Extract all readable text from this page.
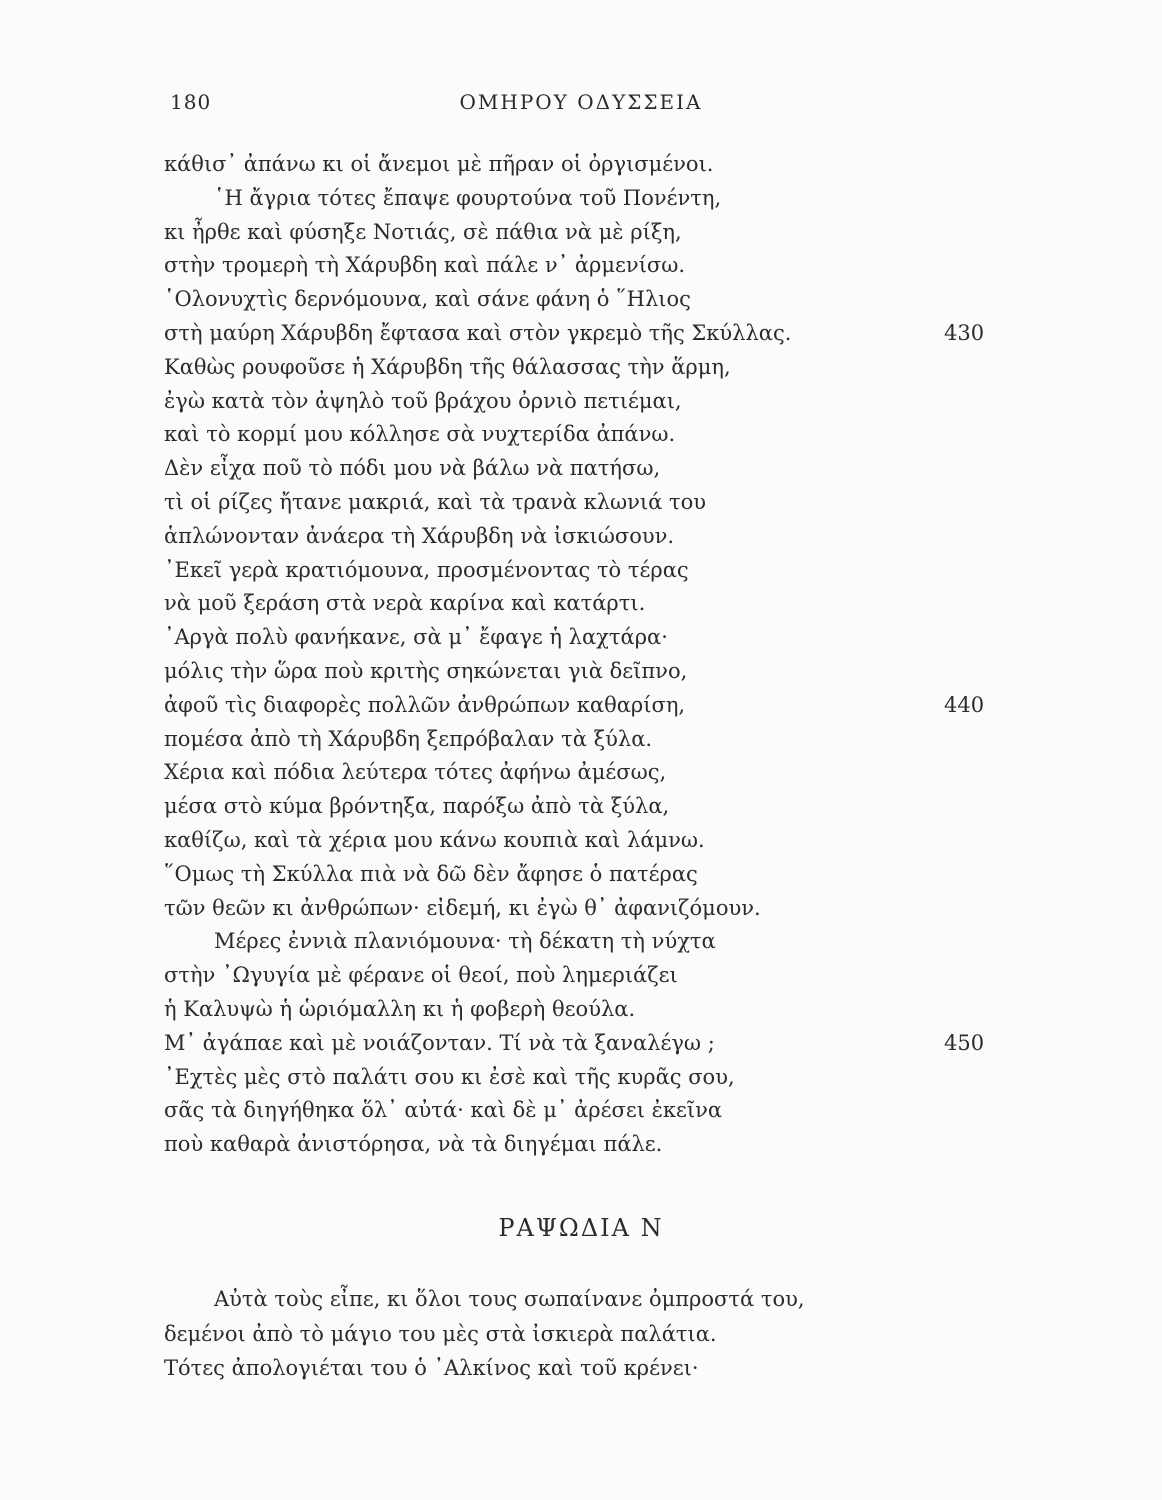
180	ΟΜΗΡΟΥ ΟΔΥΣΣΕΙΑ
κάθισ᾽ ἀπάνω κι οἱ ἄνεμοι μὲ πῆραν οἱ ὀργισμένοι.
῾Η ἄγρια τότες ἔπαψε φουρτούνα τοῦ Πονέντη,
κι ἦρθε καὶ φύσηξε Νοτιάς, σὲ πάθια νὰ μὲ ρίξη,
στὴν τρομερὴ τὴ Χάρυβδη καὶ πάλε ν᾽ ἀρμενίσω.
῾Ολονυχτὶς δερνόμουνα, καὶ σάνε φάνη ὁ ῞Ηλιος
στὴ μαύρη Χάρυβδη ἔφτασα καὶ στὸν γκρεμὸ τῆς Σκύλλας.	430
Καθὼς ρουφοῦσε ἡ Χάρυβδη τῆς θάλασσας τὴν ἅρμη,
ἐγὼ κατὰ τὸν ἀψηλὸ τοῦ βράχου ὀρνιὸ πετιέμαι,
καὶ τὸ κορμί μου κόλλησε σὰ νυχτερίδα ἀπάνω.
Δὲν εἶχα ποῦ τὸ πόδι μου νὰ βάλω νὰ πατήσω,
τὶ οἱ ρίζες ἤτανε μακριά, καὶ τὰ τρανὰ κλωνιά του
ἁπλώνονταν ἀνάερα τὴ Χάρυβδη νὰ ἰσκιώσουν.
᾽Εκεῖ γερὰ κρατιόμουνα, προσμένοντας τὸ τέρας
νὰ μοῦ ξεράση στὰ νερὰ καρίνα καὶ κατάρτι.
᾽Αργὰ πολὺ φανήκανε, σὰ μ᾽ ἔφαγε ἡ λαχτάρα·
μόλις τὴν ὥρα ποὺ κριτὴς σηκώνεται γιὰ δεῖπνο,
ἀφοῦ τὶς διαφορὲς πολλῶν ἀνθρώπων καθαρίση,	440
πομέσα ἀπὸ τὴ Χάρυβδη ξεπρόβαλαν τὰ ξύλα.
Χέρια καὶ πόδια λεύτερα τότες ἀφήνω ἀμέσως,
μέσα στὸ κύμα βρόντηξα, παρόξω ἀπὸ τὰ ξύλα,
καθίζω, καὶ τὰ χέρια μου κάνω κουπιὰ καὶ λάμνω.
῞Ομως τὴ Σκύλλα πιὰ νὰ δῶ δὲν ἄφησε ὁ πατέρας
τῶν θεῶν κι ἀνθρώπων· εἰδεμή, κι ἐγὼ θ᾽ ἀφανιζόμουν.
Μέρες ἐννιὰ πλανιόμουνα· τὴ δέκατη τὴ νύχτα
στὴν ᾽Ωγυγία μὲ φέρανε οἱ θεοί, ποὺ λημεριάζει
ἡ Καλυψὼ ἡ ὡριόμαλλη κι ἡ φοβερὴ θεούλα.
Μ᾽ ἀγάπαε καὶ μὲ νοιάζονταν. Τί νὰ τὰ ξαναλέγω ;	450
᾽Εχτὲς μὲς στὸ παλάτι σου κι ἐσὲ καὶ τῆς κυρᾶς σου,
σᾶς τὰ διηγήθηκα ὅλ᾽ αὐτά· καὶ δὲ μ᾽ ἀρέσει ἐκεῖνα
ποὺ καθαρὰ ἀνιστόρησα, νὰ τὰ διηγέμαι πάλε.
ΡΑΨΩΔΙΑ Ν
Αὐτὰ τοὺς εἶπε, κι ὅλοι τους σωπαίνανε ὀμπροστά του,
δεμένοι ἀπὸ τὸ μάγιο του μὲς στὰ ἰσκιερὰ παλάτια.
Τότες ἀπολογιέται του ὁ ᾽Αλκίνος καὶ τοῦ κρένει·
